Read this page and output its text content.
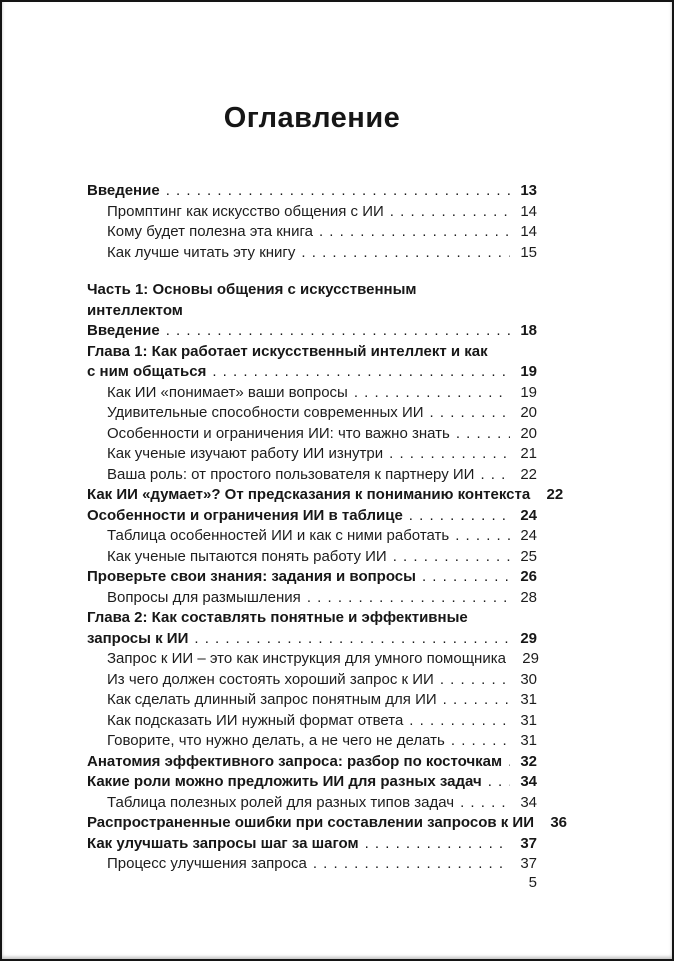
Оглавление
Введение . . .	13
Промптинг как искусство общения с ИИ . . .	14
Кому будет полезна эта книга . . .	14
Как лучше читать эту книгу . . .	15
Часть 1: Основы общения с искусственным
интеллектом
Введение . . .	18
Глава 1: Как работает искусственный интеллект и как
с ним общаться . . .	19
Как ИИ «понимает» ваши вопросы . . .	19
Удивительные способности современных ИИ . . .	20
Особенности и ограничения ИИ: что важно знать . . .	20
Как ученые изучают работу ИИ изнутри . . .	21
Ваша роль: от простого пользователя к партнеру ИИ . . .	22
Как ИИ «думает»? От предсказания к пониманию контекста 22
Особенности и ограничения ИИ в таблице . . .	24
Таблица особенностей ИИ и как с ними работать . . .	24
Как ученые пытаются понять работу ИИ . . .	25
Проверьте свои знания: задания и вопросы . . .	26
Вопросы для размышления . . .	28
Глава 2: Как составлять понятные и эффективные
запросы к ИИ . . .	29
Запрос к ИИ – это как инструкция для умного помощника 29
Из чего должен состоять хороший запрос к ИИ . . .	30
Как сделать длинный запрос понятным для ИИ . . .	31
Как подсказать ИИ нужный формат ответа . . .	31
Говорите, что нужно делать, а не чего не делать . . .	31
Анатомия эффективного запроса: разбор по косточкам . . . 32
Какие роли можно предложить ИИ для разных задач . . .	34
Таблица полезных ролей для разных типов задач . . .	34
Распространенные ошибки при составлении запросов к ИИ 36
Как улучшать запросы шаг за шагом . . .	37
Процесс улучшения запроса . . .	37
5
